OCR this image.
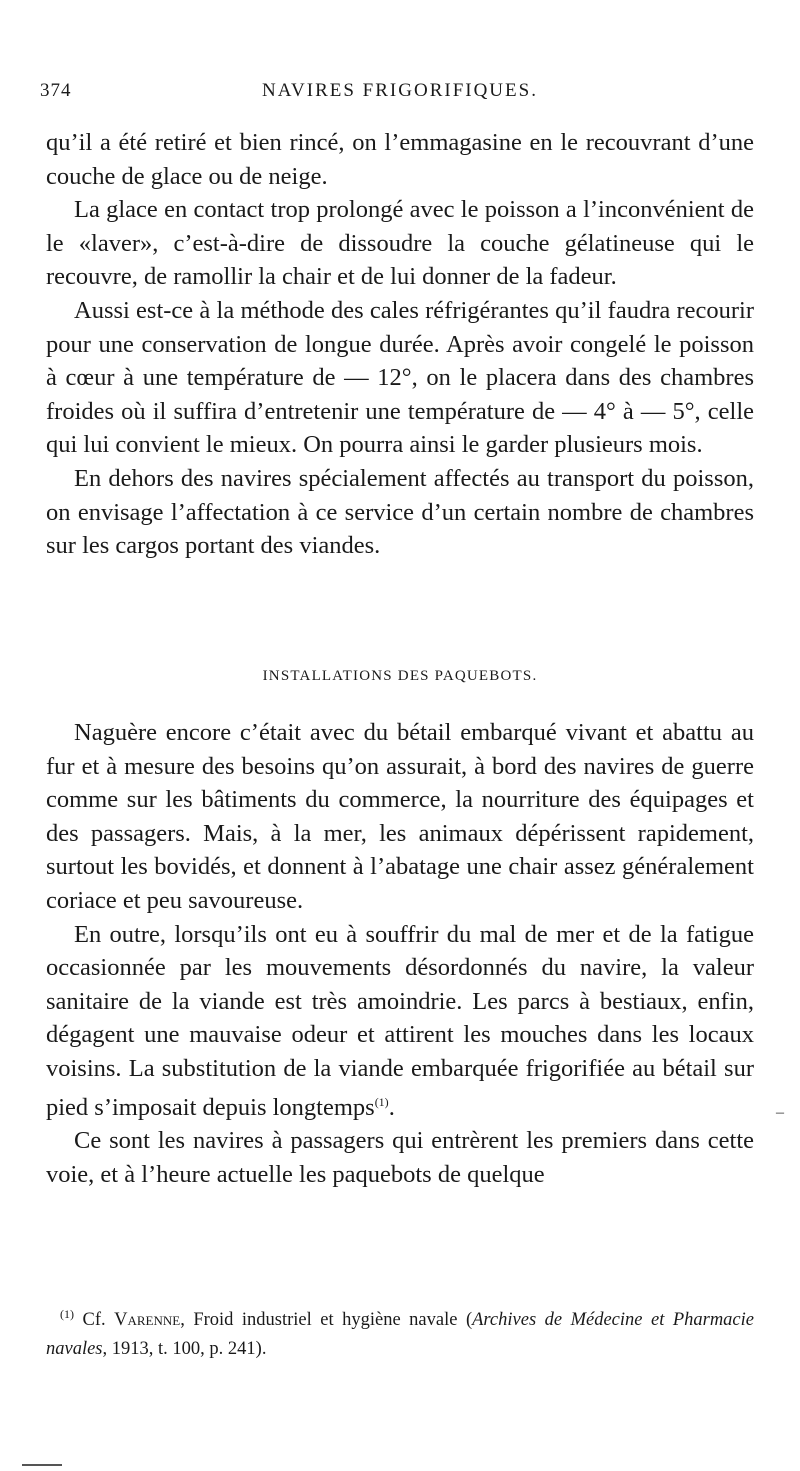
374	NAVIRES FRIGORIFIQUES.

qu’il a été retiré et bien rincé, on l’emmagasine en le recouvrant d’une couche de glace ou de neige.

La glace en contact trop prolongé avec le poisson a l’inconvénient de le «laver», c’est-à-dire de dissoudre la couche gélatineuse qui le recouvre, de ramollir la chair et de lui donner de la fadeur.

Aussi est-ce à la méthode des cales réfrigérantes qu’il faudra recourir pour une conservation de longue durée. Après avoir congelé le poisson à cœur à une température de — 12°, on le placera dans des chambres froides où il suffira d’entretenir une température de — 4° à — 5°, celle qui lui convient le mieux. On pourra ainsi le garder plusieurs mois.

En dehors des navires spécialement affectés au transport du poisson, on envisage l’affectation à ce service d’un certain nombre de chambres sur les cargos portant des viandes.

INSTALLATIONS DES PAQUEBOTS.

Naguère encore c’était avec du bétail embarqué vivant et abattu au fur et à mesure des besoins qu’on assurait, à bord des navires de guerre comme sur les bâtiments du commerce, la nourriture des équipages et des passagers. Mais, à la mer, les animaux dépérissent rapidement, surtout les bovidés, et donnent à l’abatage une chair assez généralement coriace et peu savoureuse.

En outre, lorsqu’ils ont eu à souffrir du mal de mer et de la fatigue occasionnée par les mouvements désordonnés du navire, la valeur sanitaire de la viande est très amoindrie. Les parcs à bestiaux, enfin, dégagent une mauvaise odeur et attirent les mouches dans les locaux voisins. La substitution de la viande embarquée frigorifiée au bétail sur pied s’imposait depuis longtemps$^{(1)}$.

Ce sont les navires à passagers qui entrèrent les premiers dans cette voie, et à l’heure actuelle les paquebots de quelque

$^{(1)}$ Cf. Varenne, Froid industriel et hygiène navale (Archives de Médecine et Pharmacie navales, 1913, t. 100, p. 241).

–
